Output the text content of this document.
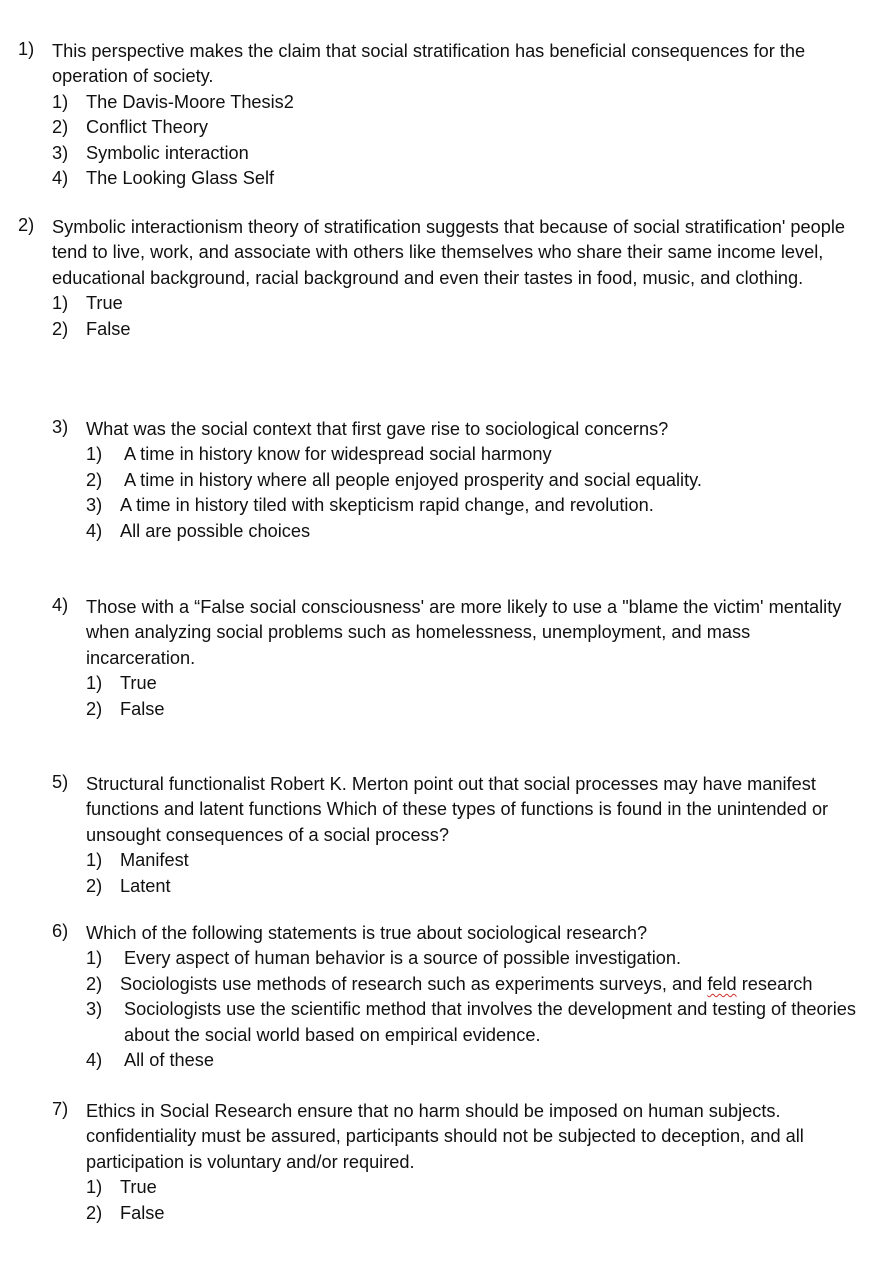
1) This perspective makes the claim that social stratification has beneficial consequences for the operation of society.
1) The Davis-Moore Thesis2
2) Conflict Theory
3) Symbolic interaction
4) The Looking Glass Self
2) Symbolic interactionism theory of stratification suggests that because of social stratification' people tend to live, work, and associate with others like themselves who share their same income level, educational background, racial background and even their tastes in food, music, and clothing.
1) True
2) False
3) What was the social context that first gave rise to sociological concerns?
1) A time in history know for widespread social harmony
2) A time in history where all people enjoyed prosperity and social equality.
3) A time in history tiled with skepticism rapid change, and revolution.
4) All are possible choices
4) Those with a “False social consciousness' are more likely to use a "blame the victim' mentality when analyzing social problems such as homelessness, unemployment, and mass incarceration.
1) True
2) False
5) Structural functionalist Robert K. Merton point out that social processes may have manifest functions and latent functions Which of these types of functions is found in the unintended or unsought consequences of a social process?
1) Manifest
2) Latent
6) Which of the following statements is true about sociological research?
1) Every aspect of human behavior is a source of possible investigation.
2) Sociologists use methods of research such as experiments surveys, and feld research
3) Sociologists use the scientific method that involves the development and testing of theories about the social world based on empirical evidence.
4) All of these
7) Ethics in Social Research ensure that no harm should be imposed on human subjects. confidentiality must be assured, participants should not be subjected to deception, and all participation is voluntary and/or required.
1) True
2) False
